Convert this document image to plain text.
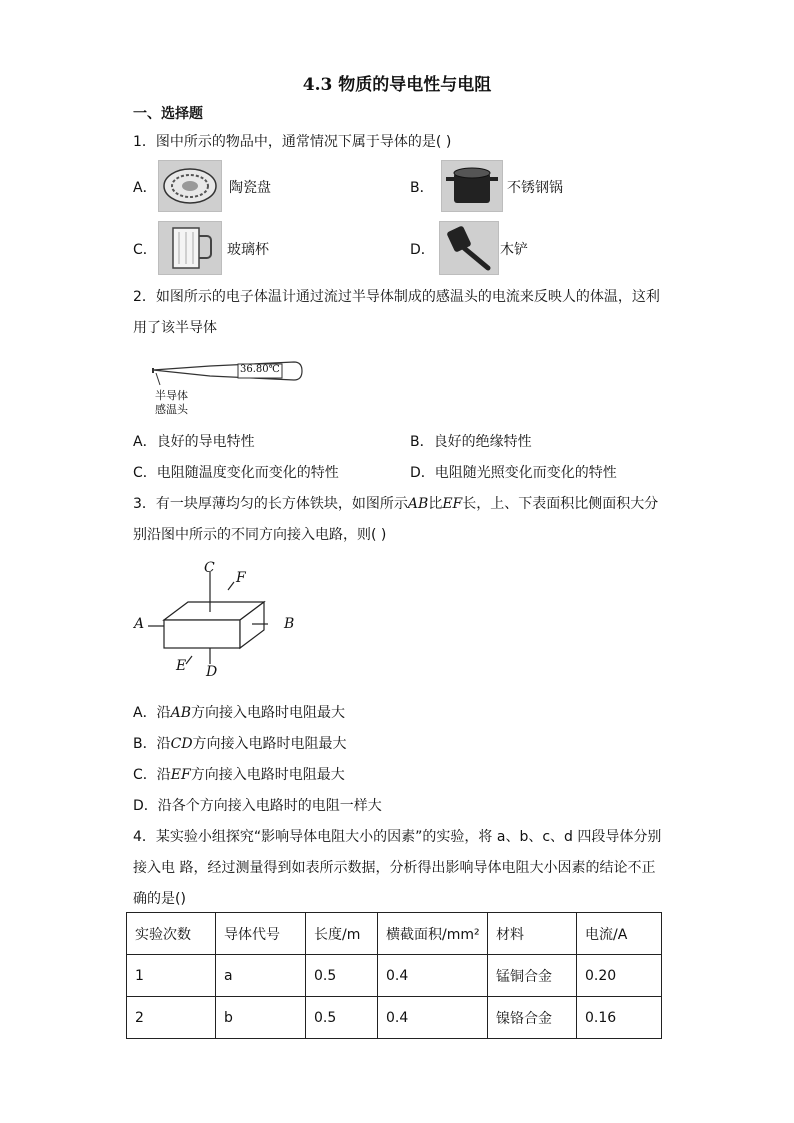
4.3 物质的导电性与电阻
一、选择题
1．图中所示的物品中，通常情况下属于导体的是( )
A．	陶瓷盘	B．	不锈钢锅
C．	玻璃杯	D．	木铲
2．如图所示的电子体温计通过流过半导体制成的感温头的电流来反映人的体温，这利
用了该半导体
36.80℃
半导体
感温头
A．良好的导电特性	B．良好的绝缘特性
C．电阻随温度变化而变化的特性	D．电阻随光照变化而变化的特性
3．有一块厚薄均匀的长方体铁块，如图所示AB比EF长，上、下表面积比侧面积大分
别沿图中所示的不同方向接入电路，则( )
C
F
A	B
E D
A．沿AB方向接入电路时电阻最大
B．沿CD方向接入电路时电阻最大
C．沿EF方向接入电路时电阻最大
D．沿各个方向接入电路时的电阻一样大
4．某实验小组探究“影响导体电阻大小的因素”的实验，将 a、b、c、d 四段导体分别
接入电 路，经过测量得到如表所示数据，分析得出影响导体电阻大小因素的结论不正
确的是()
实验次数	导体代号	长度/m	横截面积/mm²	材料	电流/A
1	a	0.5	0.4	锰铜合金	0.20
2	b	0.5	0.4	镍铬合金	0.16
